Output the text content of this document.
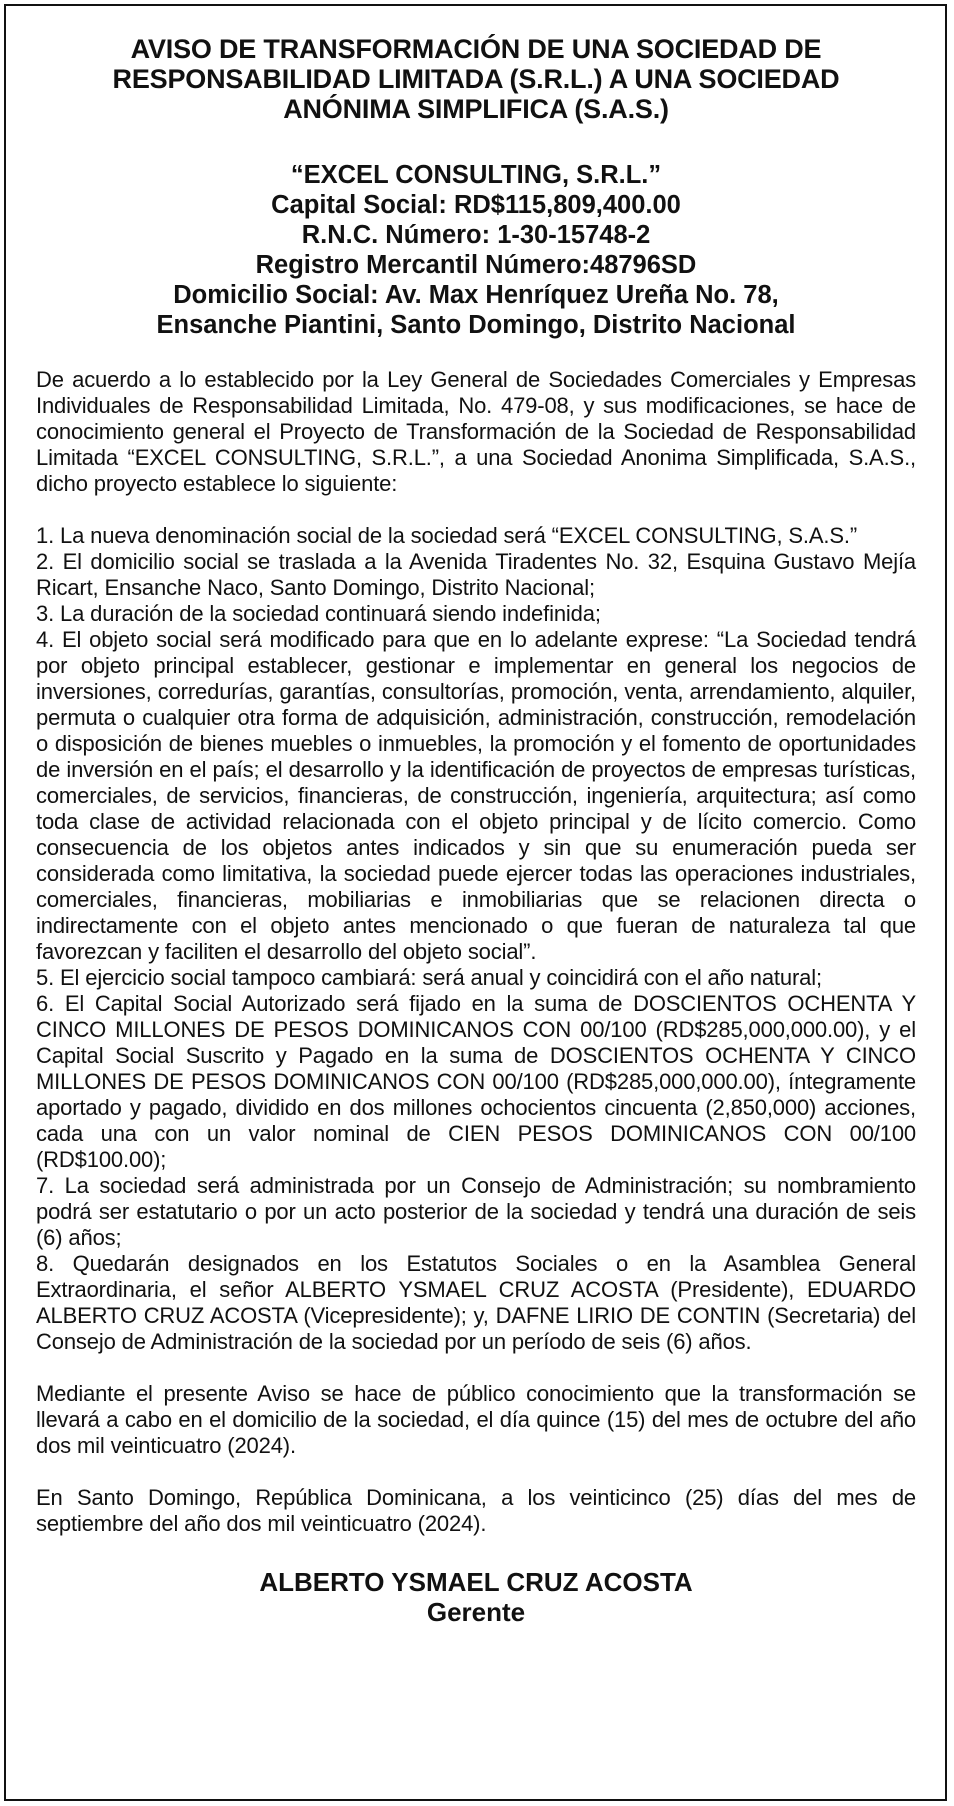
AVISO DE TRANSFORMACIÓN DE UNA SOCIEDAD DE
RESPONSABILIDAD LIMITADA (S.R.L.) A UNA SOCIEDAD
ANÓNIMA SIMPLIFICA (S.A.S.)
“EXCEL CONSULTING, S.R.L.”
Capital Social: RD$115,809,400.00
R.N.C. Número: 1-30-15748-2
Registro Mercantil Número:48796SD
Domicilio Social: Av. Max Henríquez Ureña No. 78,
Ensanche Piantini, Santo Domingo, Distrito Nacional

De acuerdo a lo establecido por la Ley General de Sociedades Comerciales y Empresas Individuales de Responsabilidad Limitada, No. 479-08, y sus modificaciones, se hace de conocimiento general el Proyecto de Transformación de la Sociedad de Responsabilidad Limitada “EXCEL CONSULTING, S.R.L.”, a una Sociedad Anonima Simplificada, S.A.S., dicho proyecto establece lo siguiente:

1. La nueva denominación social de la sociedad será “EXCEL CONSULTING, S.A.S.”

2. El domicilio social se traslada a la Avenida Tiradentes No. 32, Esquina Gustavo Mejía Ricart, Ensanche Naco, Santo Domingo, Distrito Nacional;

3. La duración de la sociedad continuará siendo indefinida;

4. El objeto social será modificado para que en lo adelante exprese: “La Sociedad tendrá por objeto principal establecer, gestionar e implementar en general los negocios de inversiones, corredurías, garantías, consultorías, promoción, venta, arrendamiento, alquiler, permuta o cualquier otra forma de adquisición, administración, construcción, remodelación o disposición de bienes muebles o inmuebles, la promoción y el fomento de oportunidades de inversión en el país; el desarrollo y la identificación de proyectos de empresas turísticas, comerciales, de servicios, financieras, de construcción, ingeniería, arquitectura; así como toda clase de actividad relacionada con el objeto principal y de lícito comercio. Como consecuencia de los objetos antes indicados y sin que su enumeración pueda ser considerada como limitativa, la sociedad puede ejercer todas las operaciones industriales, comerciales, financieras, mobiliarias e inmobiliarias que se relacionen directa o indirectamente con el objeto antes mencionado o que fueran de naturaleza tal que favorezcan y faciliten el desarrollo del objeto social”.

5. El ejercicio social tampoco cambiará: será anual y coincidirá con el año natural;

6. El Capital Social Autorizado será fijado en la suma de DOSCIENTOS OCHENTA Y CINCO MILLONES DE PESOS DOMINICANOS CON 00/100 (RD$285,000,000.00), y el Capital Social Suscrito y Pagado en la suma de DOSCIENTOS OCHENTA Y CINCO MILLONES DE PESOS DOMINICANOS CON 00/100 (RD$285,000,000.00), íntegramente aportado y pagado, dividido en dos millones ochocientos cincuenta (2,850,000) acciones, cada una con un valor nominal de CIEN PESOS DOMINICANOS CON 00/100 (RD$100.00);

7. La sociedad será administrada por un Consejo de Administración; su nombramiento podrá ser estatutario o por un acto posterior de la sociedad y tendrá una duración de seis (6) años;

8. Quedarán designados en los Estatutos Sociales o en la Asamblea General Extraordinaria, el señor ALBERTO YSMAEL CRUZ ACOSTA (Presidente), EDUARDO ALBERTO CRUZ ACOSTA (Vicepresidente); y, DAFNE LIRIO DE CONTIN (Secretaria) del Consejo de Administración de la sociedad por un período de seis (6) años.

Mediante el presente Aviso se hace de público conocimiento que la transformación se llevará a cabo en el domicilio de la sociedad, el día quince (15) del mes de octubre del año dos mil veinticuatro (2024).

En Santo Domingo, República Dominicana, a los veinticinco (25) días del mes de septiembre del año dos mil veinticuatro (2024).

ALBERTO YSMAEL CRUZ ACOSTA
Gerente
